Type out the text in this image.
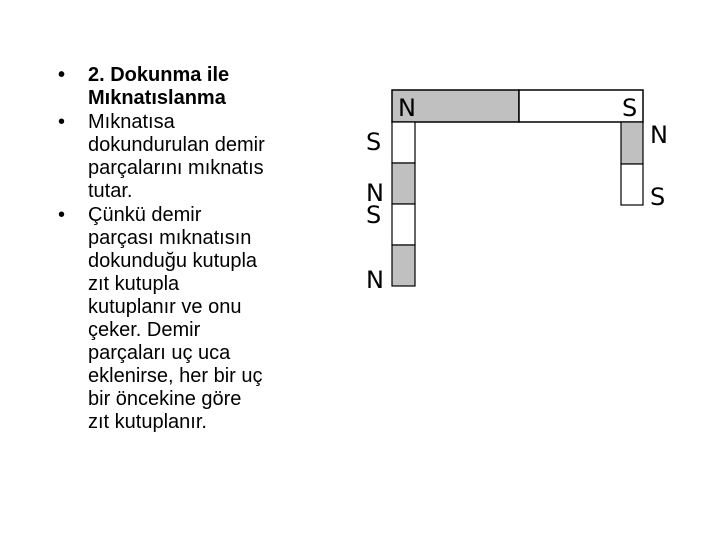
• 2. Dokunma ile
Mıknatıslanma
• Mıknatısa
dokundurulan demir
parçalarını mıknatıs
tutar.
• Çünkü demir
parçası mıknatısın
dokunduğu kutupla
zıt kutupla
kutuplanır ve onu
çeker. Demir
parçaları uç uca
eklenirse, her bir uç
bir öncekine göre
zıt kutuplanır.
N	S
S
N
S
N
N
S
